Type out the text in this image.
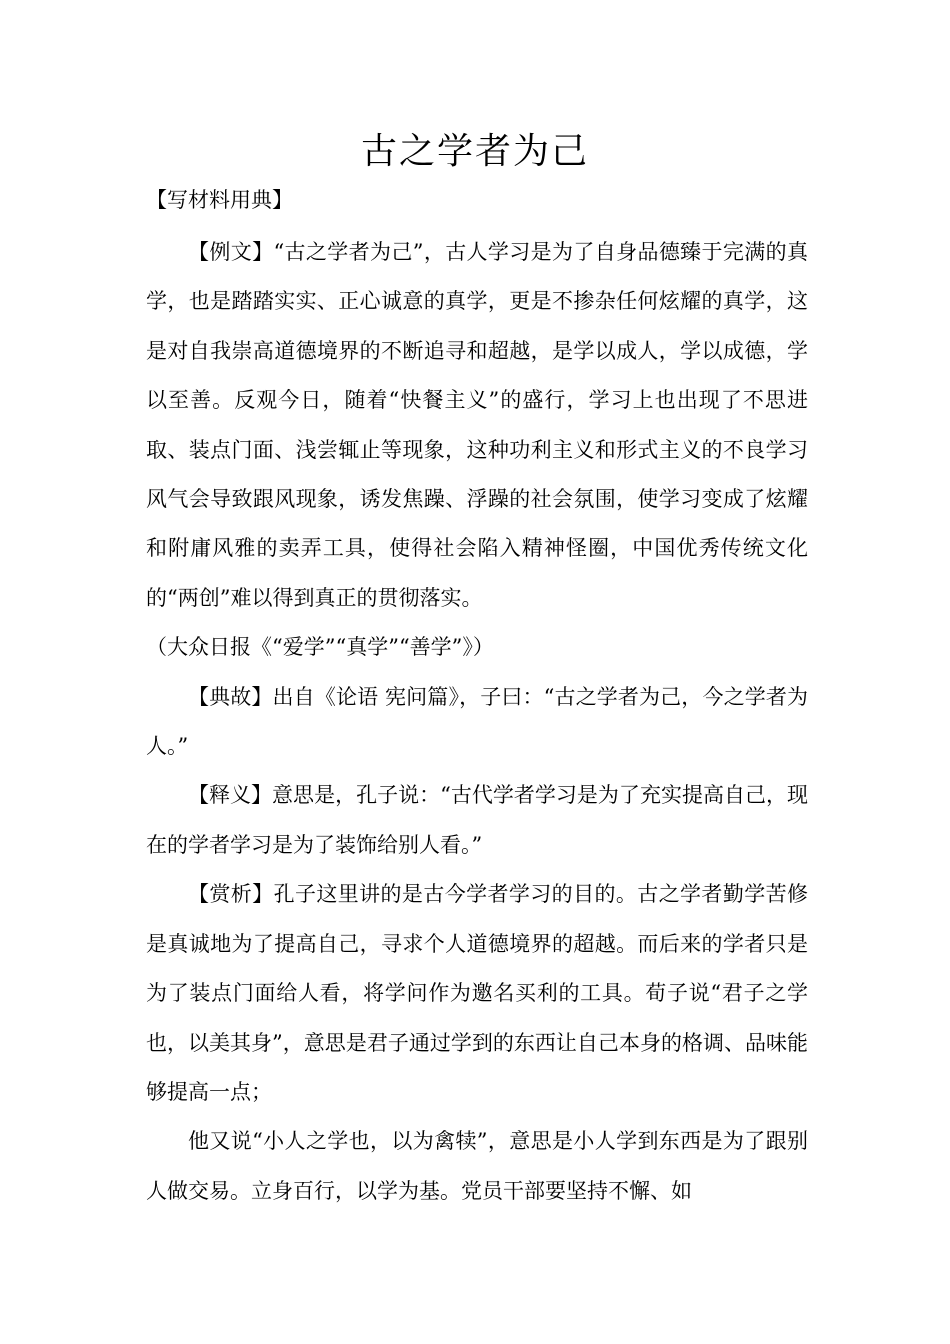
古之学者为己
【写材料用典】

【例文】“古之学者为己”，古人学习是为了自身品德臻于完满的真学，也是踏踏实实、正心诚意的真学，更是不掺杂任何炫耀的真学，这是对自我崇高道德境界的不断追寻和超越，是学以成人，学以成德，学以至善。反观今日，随着“快餐主义”的盛行，学习上也出现了不思进取、装点门面、浅尝辄止等现象，这种功利主义和形式主义的不良学习风气会导致跟风现象，诱发焦躁、浮躁的社会氛围，使学习变成了炫耀和附庸风雅的卖弄工具，使得社会陷入精神怪圈，中国优秀传统文化的“两创”难以得到真正的贯彻落实。

（大众日报《“爱学”“真学”“善学”》）

【典故】出自《论语 宪问篇》，子曰：“古之学者为己，今之学者为人。”

【释义】意思是，孔子说：“古代学者学习是为了充实提高自己，现在的学者学习是为了装饰给别人看。”

【赏析】孔子这里讲的是古今学者学习的目的。古之学者勤学苦修是真诚地为了提高自己，寻求个人道德境界的超越。而后来的学者只是为了装点门面给人看，将学问作为邀名买利的工具。荀子说“君子之学也，以美其身”，意思是君子通过学到的东西让自己本身的格调、品味能够提高一点；

他又说“小人之学也，以为禽犊”，意思是小人学到东西是为了跟别人做交易。立身百行，以学为基。党员干部要坚持不懈、如
